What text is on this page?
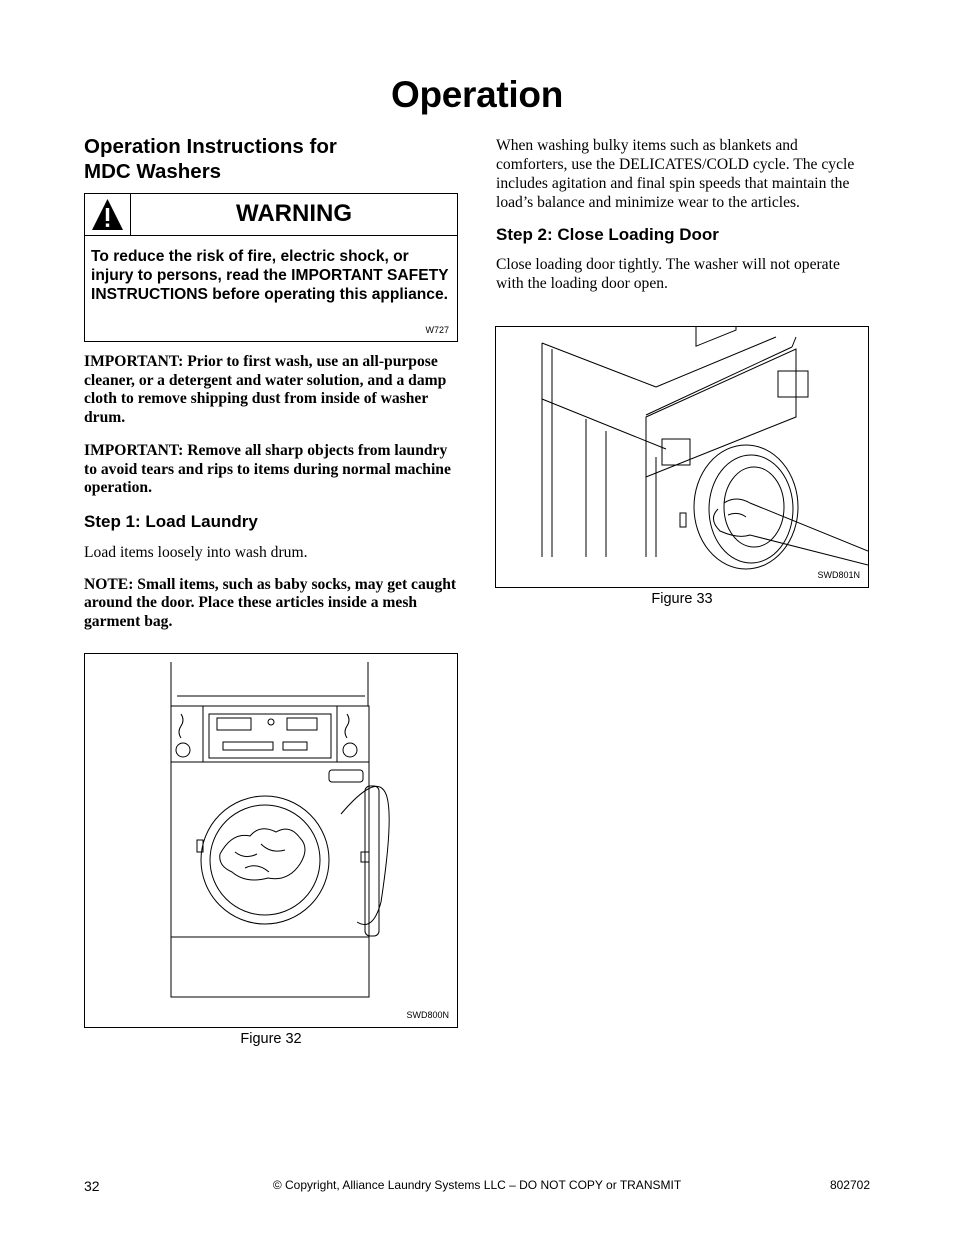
Operation
Operation Instructions for
MDC Washers
WARNING
To reduce the risk of fire, electric shock, or injury to persons, read the IMPORTANT SAFETY INSTRUCTIONS before operating this appliance.
W727

IMPORTANT: Prior to first wash, use an all-purpose cleaner, or a detergent and water solution, and a damp cloth to remove shipping dust from inside of washer drum.

IMPORTANT: Remove all sharp objects from laundry to avoid tears and rips to items during normal machine operation.

Step 1: Load Laundry

Load items loosely into wash drum.

NOTE: Small items, such as baby socks, may get caught around the door. Place these articles inside a mesh garment bag.

SWD800N
Figure 32

When washing bulky items such as blankets and comforters, use the DELICATES/COLD cycle. The cycle includes agitation and final spin speeds that maintain the load’s balance and minimize wear to the articles.

Step 2: Close Loading Door

Close loading door tightly. The washer will not operate with the loading door open.

SWD801N
Figure 33
32	© Copyright, Alliance Laundry Systems LLC – DO NOT COPY or TRANSMIT	802702
